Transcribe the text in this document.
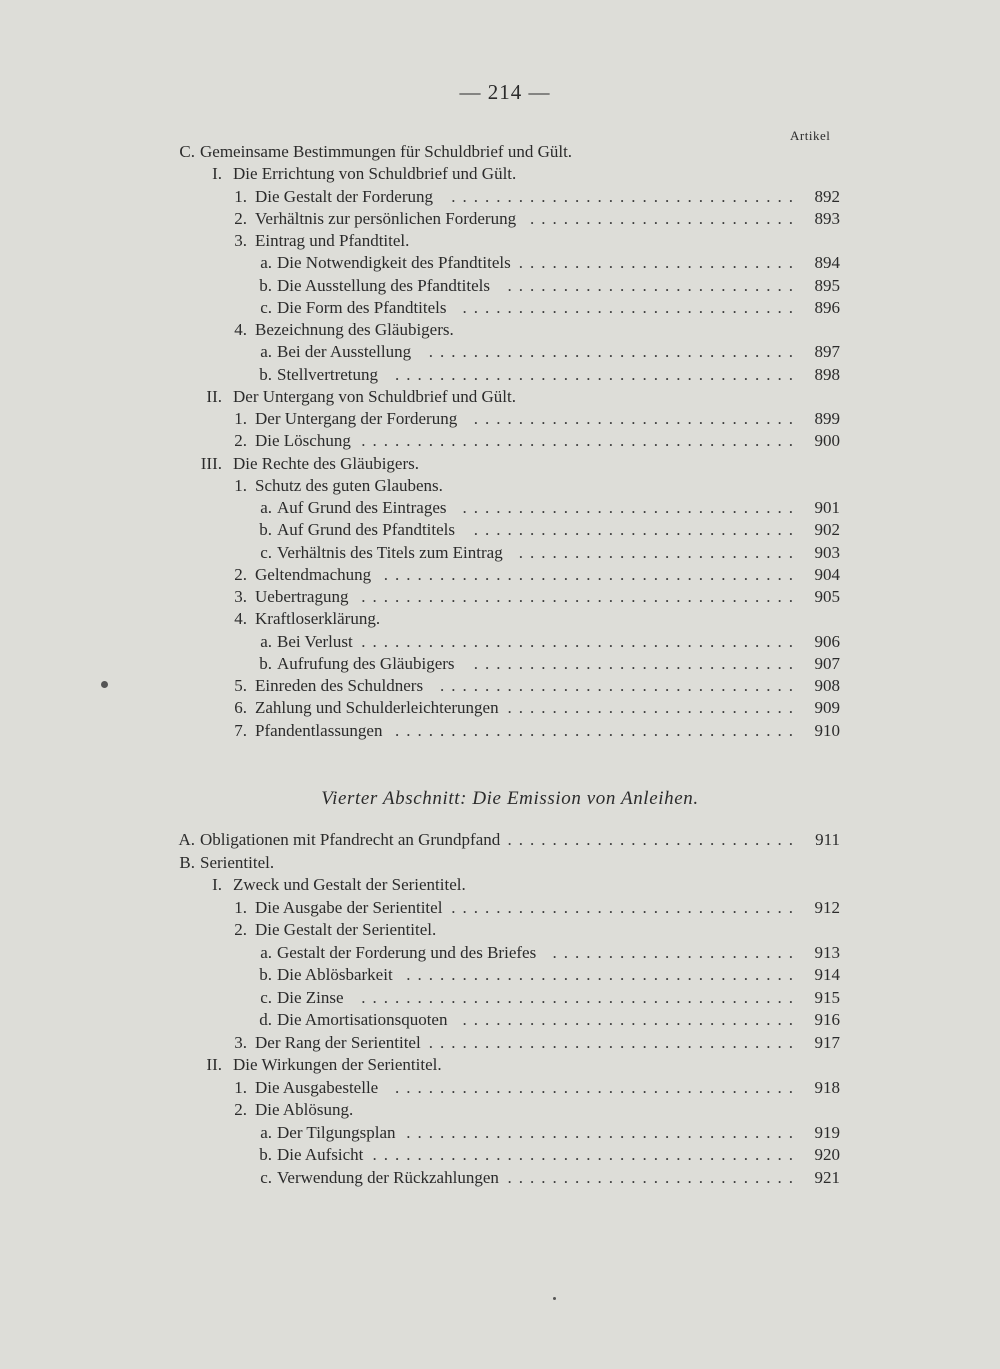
— 214 —
Artikel
C. Gemeinsame Bestimmungen für Schuldbrief und Gült.
I. Die Errichtung von Schuldbrief und Gült.
1. Die Gestalt der Forderung	............................... 892
2. Verhältnis zur persönlichen Forderung ........................ 893
3. Eintrag und Pfandtitel.
a. Die Notwendigkeit des Pfandtitels ......................... 894
b. Die Ausstellung des Pfandtitels	.......................... 895
c. Die Form des Pfandtitels .............................. 896
4. Bezeichnung des Gläubigers.
a. Bei der Ausstellung	................................. 897
b. Stellvertretung .................................... 898
II. Der Untergang von Schuldbrief und Gült.
1. Der Untergang der Forderung ............................. 899
2. Die Löschung ....................................... 900
III. Die Rechte des Gläubigers.
1. Schutz des guten Glaubens.
a. Auf Grund des Eintrages .............................. 901
b. Auf Grund des Pfandtitels	............................. 902
c. Verhältnis des Titels zum Eintrag ......................... 903
2. Geltendmachung ..................................... 904
3. Uebertragung ....................................... 905
4. Kraftloserklärung.
a. Bei Verlust ....................................... 906
b. Aufrufung des Gläubigers	............................. 907
5. Einreden des Schuldners ................................ 908
6. Zahlung und Schulderleichterungen .......................... 909
7. Pfandentlassungen .................................... 910
Vierter Abschnitt: Die Emission von Anleihen.
A. Obligationen mit Pfandrecht an Grundpfand .......................... 911
B. Serientitel.
I. Zweck und Gestalt der Serientitel.
1. Die Ausgabe der Serientitel ............................... 912
2. Die Gestalt der Serientitel.
a. Gestalt der Forderung und des Briefes ...................... 913
b. Die Ablösbarkeit ................................... 914
c. Die Zinse	....................................... 915
d. Die Amortisationsquoten .............................. 916
3. Der Rang der Serientitel ................................. 917
II. Die Wirkungen der Serientitel.
1. Die Ausgabestelle .................................... 918
2. Die Ablösung.
a. Der Tilgungsplan ................................... 919
b. Die Aufsicht ...................................... 920
c. Verwendung der Rückzahlungen .......................... 921
